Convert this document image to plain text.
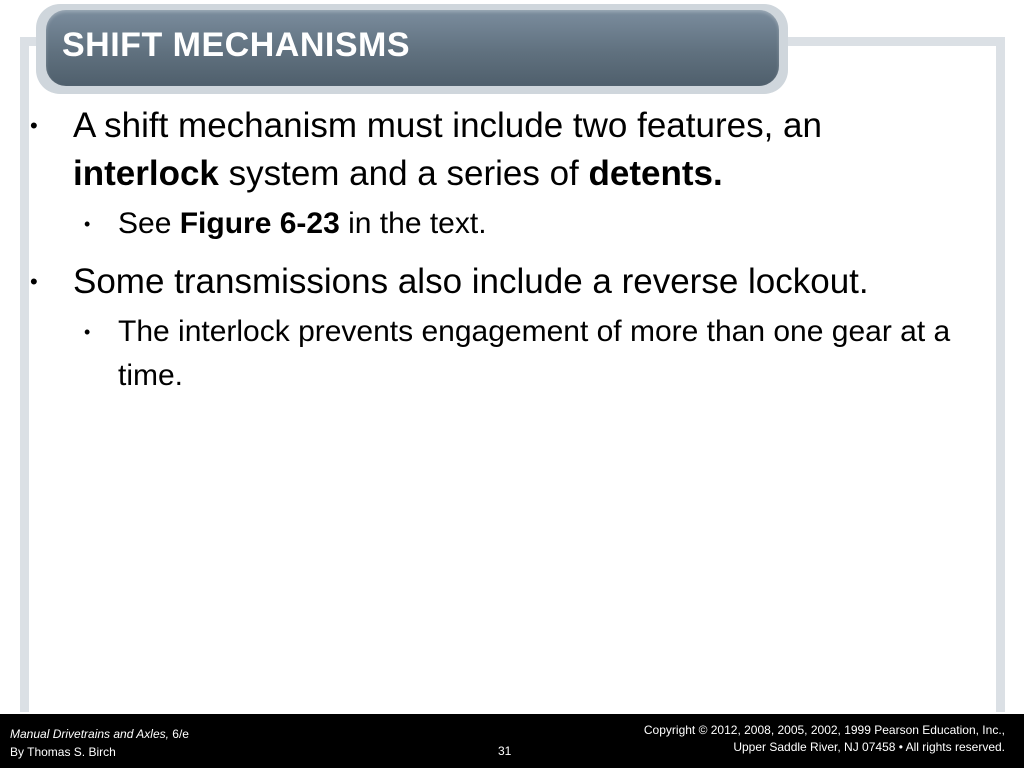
SHIFT MECHANISMS
• A shift mechanism must include two features, an interlock system and a series of detents.
• See Figure 6-23 in the text.
• Some transmissions also include a reverse lockout.
• The interlock prevents engagement of more than one gear at a time.
Manual Drivetrains and Axles, 6/e
By Thomas S. Birch	31
Copyright © 2012, 2008, 2005, 2002, 1999 Pearson Education, Inc.,
Upper Saddle River, NJ 07458 • All rights reserved.
